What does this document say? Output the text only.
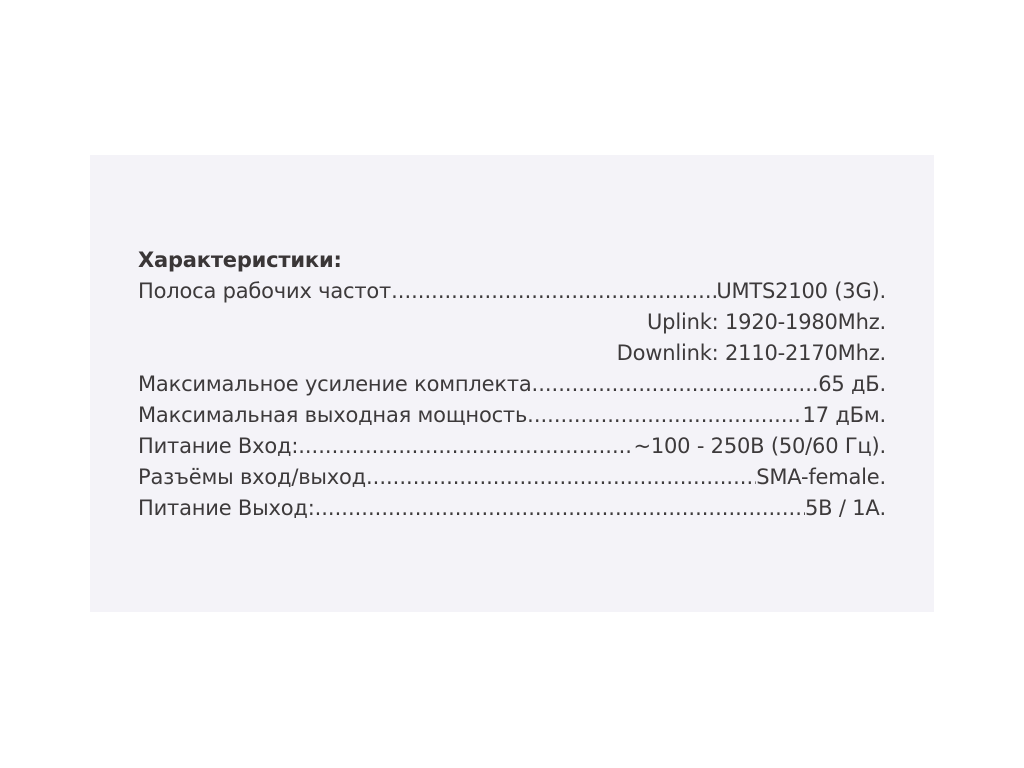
Характеристики:
Полоса рабочих частот .....	UMTS2100 (3G).
Uplink: 1920-1980Mhz.
Downlink: 2110-2170Mhz.
Максимальное усиление комплекта .....	65 дБ.
Максимальная выходная мощность .....	17 дБм.
Питание Вход: .....	~100 - 250В (50/60 Гц).
Разъёмы вход/выход .....	SMA-female.
Питание Выход: .....	5В / 1А.
